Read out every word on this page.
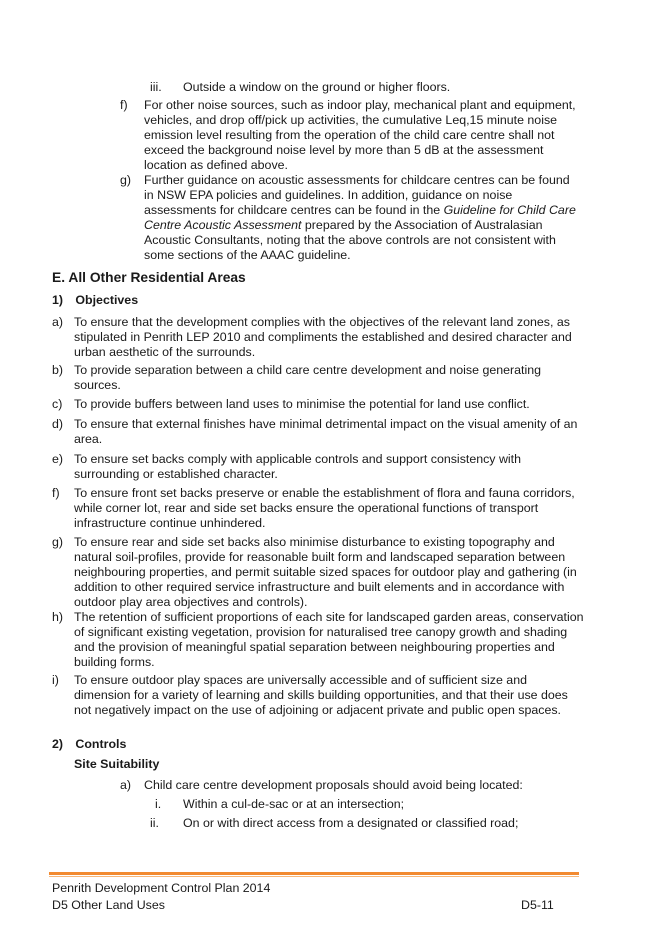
iii. Outside a window on the ground or higher floors.
f) For other noise sources, such as indoor play, mechanical plant and equipment, vehicles, and drop off/pick up activities, the cumulative Leq,15 minute noise emission level resulting from the operation of the child care centre shall not exceed the background noise level by more than 5 dB at the assessment location as defined above.
g) Further guidance on acoustic assessments for childcare centres can be found in NSW EPA policies and guidelines. In addition, guidance on noise assessments for childcare centres can be found in the Guideline for Child Care Centre Acoustic Assessment prepared by the Association of Australasian Acoustic Consultants, noting that the above controls are not consistent with some sections of the AAAC guideline.
E. All Other Residential Areas
1) Objectives
a) To ensure that the development complies with the objectives of the relevant land zones, as stipulated in Penrith LEP 2010 and compliments the established and desired character and urban aesthetic of the surrounds.
b) To provide separation between a child care centre development and noise generating sources.
c) To provide buffers between land uses to minimise the potential for land use conflict.
d) To ensure that external finishes have minimal detrimental impact on the visual amenity of an area.
e) To ensure set backs comply with applicable controls and support consistency with surrounding or established character.
f) To ensure front set backs preserve or enable the establishment of flora and fauna corridors, while corner lot, rear and side set backs ensure the operational functions of transport infrastructure continue unhindered.
g) To ensure rear and side set backs also minimise disturbance to existing topography and natural soil-profiles, provide for reasonable built form and landscaped separation between neighbouring properties, and permit suitable sized spaces for outdoor play and gathering (in addition to other required service infrastructure and built elements and in accordance with outdoor play area objectives and controls).
h) The retention of sufficient proportions of each site for landscaped garden areas, conservation of significant existing vegetation, provision for naturalised tree canopy growth and shading and the provision of meaningful spatial separation between neighbouring properties and building forms.
i) To ensure outdoor play spaces are universally accessible and of sufficient size and dimension for a variety of learning and skills building opportunities, and that their use does not negatively impact on the use of adjoining or adjacent private and public open spaces.
2) Controls
Site Suitability
a) Child care centre development proposals should avoid being located:
i. Within a cul-de-sac or at an intersection;
ii. On or with direct access from a designated or classified road;
Penrith Development Control Plan 2014
D5 Other Land Uses	D5-11
